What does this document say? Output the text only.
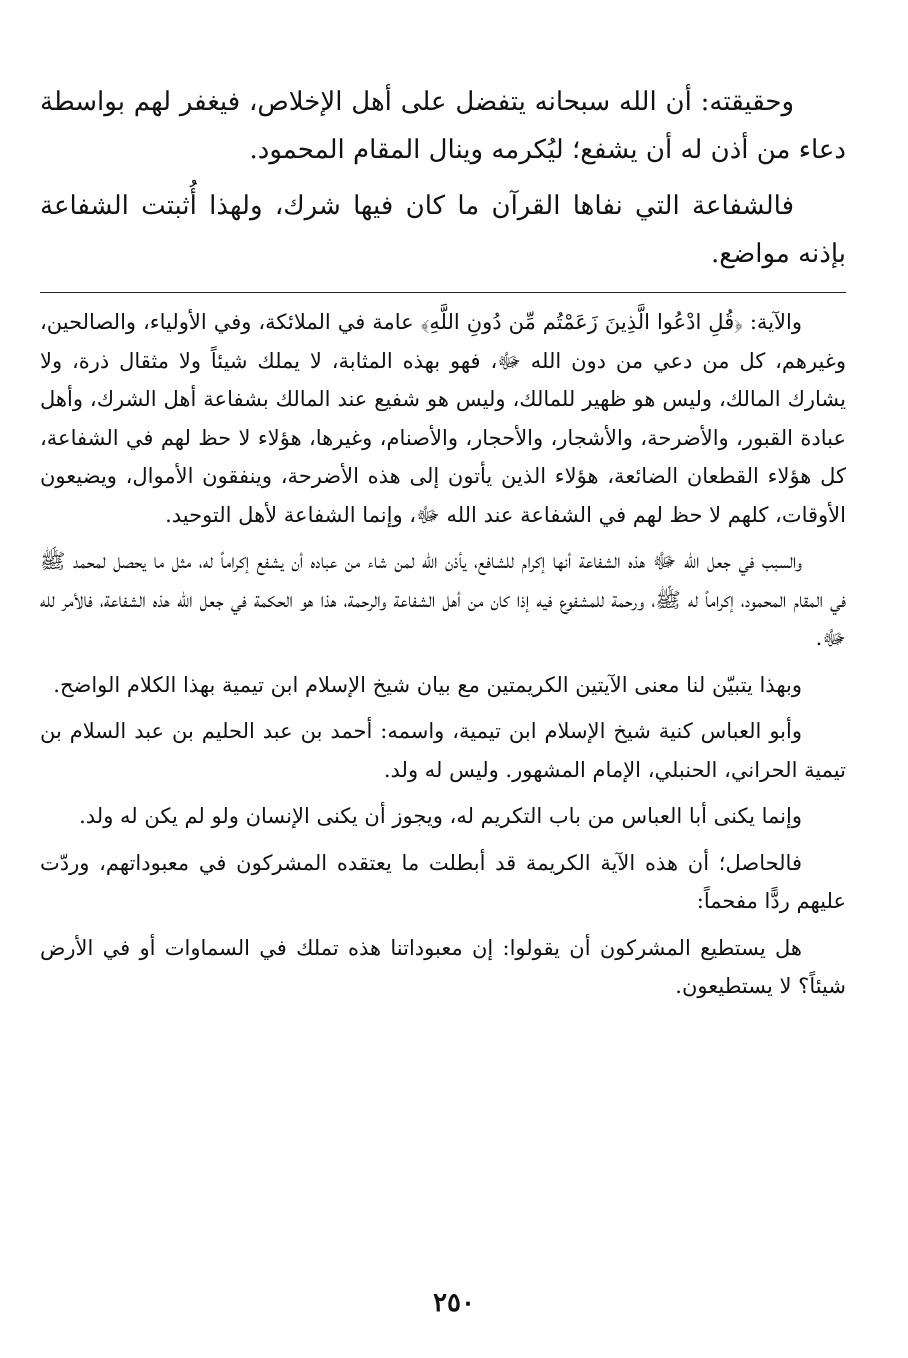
وحقيقته: أن الله سبحانه يتفضل على أهل الإخلاص، فيغفر لهم بواسطة دعاء من أذن له أن يشفع؛ ليُكرمه وينال المقام المحمود.

فالشفاعة التي نفاها القرآن ما كان فيها شرك، ولهذا أُثبتت الشفاعة بإذنه مواضع.

والآية: ﴿قُلِ ادْعُوا الَّذِينَ زَعَمْتُم مِّن دُونِ اللَّهِ﴾ عامة في الملائكة، وفي الأولياء، والصالحين، وغيرهم، كل من دعي من دون الله ﷻ، فهو بهذه المثابة، لا يملك شيئاً ولا مثقال ذرة، ولا يشارك المالك، وليس هو ظهير للمالك، وليس هو شفيع عند المالك بشفاعة أهل الشرك، وأهل عبادة القبور، والأضرحة، والأشجار، والأحجار، والأصنام، وغيرها، هؤلاء لا حظ لهم في الشفاعة، كل هؤلاء القطعان الضائعة، هؤلاء الذين يأتون إلى هذه الأضرحة، وينفقون الأموال، ويضيعون الأوقات، كلهم لا حظ لهم في الشفاعة عند الله ﷻ، وإنما الشفاعة لأهل التوحيد.

والسبب في جعل الله ﷻ هذه الشفاعة أنها إكرام للشافع، يأذن الله لمن شاء من عباده أن يشفع إكراماً له، مثل ما يحصل لمحمد ﷺ في المقام المحمود، إكراماً له ﷺ، ورحمة للمشفوع فيه إذا كان من أهل الشفاعة والرحمة، هذا هو الحكمة في جعل الله هذه الشفاعة، فالأمر لله ﷻ.

وبهذا يتبيّن لنا معنى الآيتين الكريمتين مع بيان شيخ الإسلام ابن تيمية بهذا الكلام الواضح.

وأبو العباس كنية شيخ الإسلام ابن تيمية، واسمه: أحمد بن عبد الحليم بن عبد السلام بن تيمية الحراني، الحنبلي، الإمام المشهور. وليس له ولد.

وإنما يكنى أبا العباس من باب التكريم له، ويجوز أن يكنى الإنسان ولو لم يكن له ولد.

فالحاصل؛ أن هذه الآية الكريمة قد أبطلت ما يعتقده المشركون في معبوداتهم، وردّت عليهم ردًّا مفحماً:

هل يستطيع المشركون أن يقولوا: إن معبوداتنا هذه تملك في السماوات أو في الأرض شيئاً؟ لا يستطيعون.

٢٥٠
